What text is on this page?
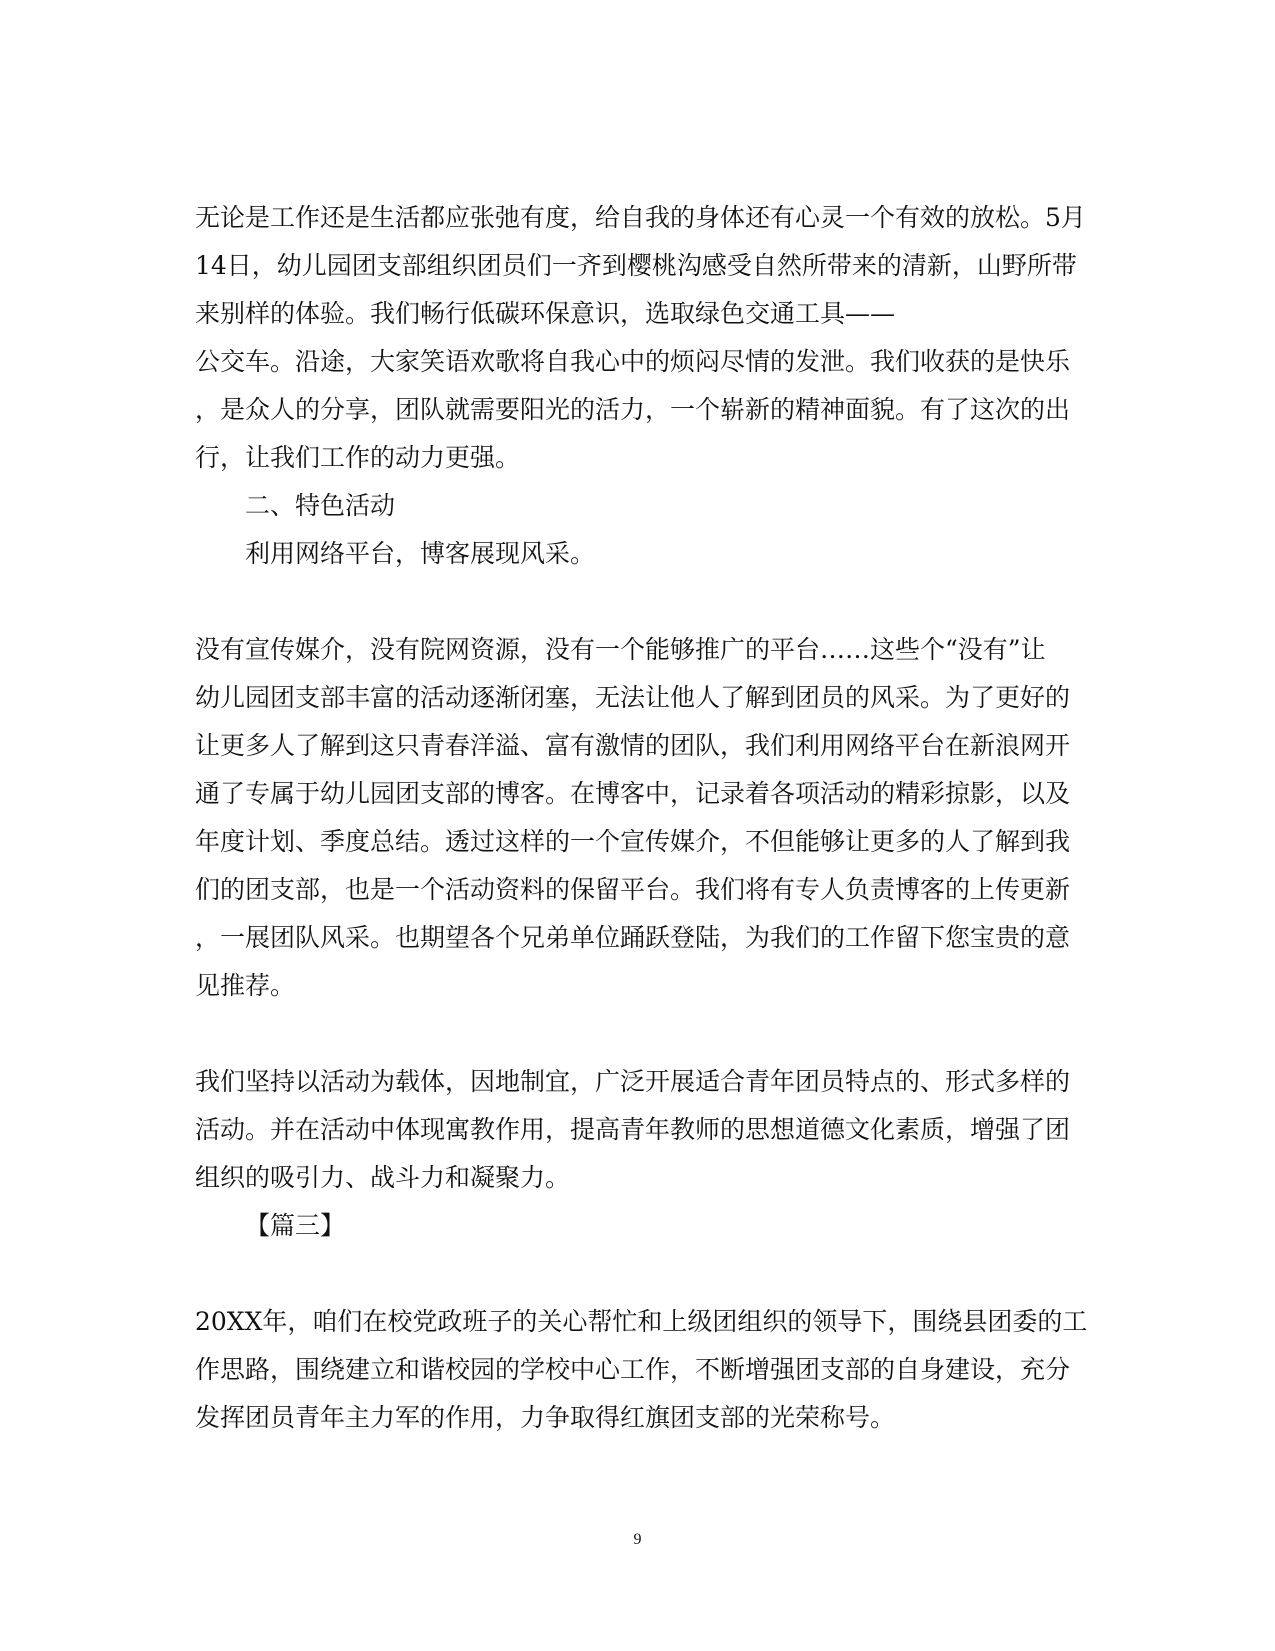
无论是工作还是生活都应张弛有度，给自我的身体还有心灵一个有效的放松。5月
14日，幼儿园团支部组织团员们一齐到樱桃沟感受自然所带来的清新，山野所带
来别样的体验。我们畅行低碳环保意识，选取绿色交通工具——
公交车。沿途，大家笑语欢歌将自我心中的烦闷尽情的发泄。我们收获的是快乐
，是众人的分享，团队就需要阳光的活力，一个崭新的精神面貌。有了这次的出
行，让我们工作的动力更强。
二、特色活动
利用网络平台，博客展现风采。
没有宣传媒介，没有院网资源，没有一个能够推广的平台……这些个“没有”让
幼儿园团支部丰富的活动逐渐闭塞，无法让他人了解到团员的风采。为了更好的
让更多人了解到这只青春洋溢、富有激情的团队，我们利用网络平台在新浪网开
通了专属于幼儿园团支部的博客。在博客中，记录着各项活动的精彩掠影，以及
年度计划、季度总结。透过这样的一个宣传媒介，不但能够让更多的人了解到我
们的团支部，也是一个活动资料的保留平台。我们将有专人负责博客的上传更新
，一展团队风采。也期望各个兄弟单位踊跃登陆，为我们的工作留下您宝贵的意
见推荐。
我们坚持以活动为载体，因地制宜，广泛开展适合青年团员特点的、形式多样的
活动。并在活动中体现寓教作用，提高青年教师的思想道德文化素质，增强了团
组织的吸引力、战斗力和凝聚力。
【篇三】
20XX年，咱们在校党政班子的关心帮忙和上级团组织的领导下，围绕县团委的工
作思路，围绕建立和谐校园的学校中心工作，不断增强团支部的自身建设，充分
发挥团员青年主力军的作用，力争取得红旗团支部的光荣称号。
9
